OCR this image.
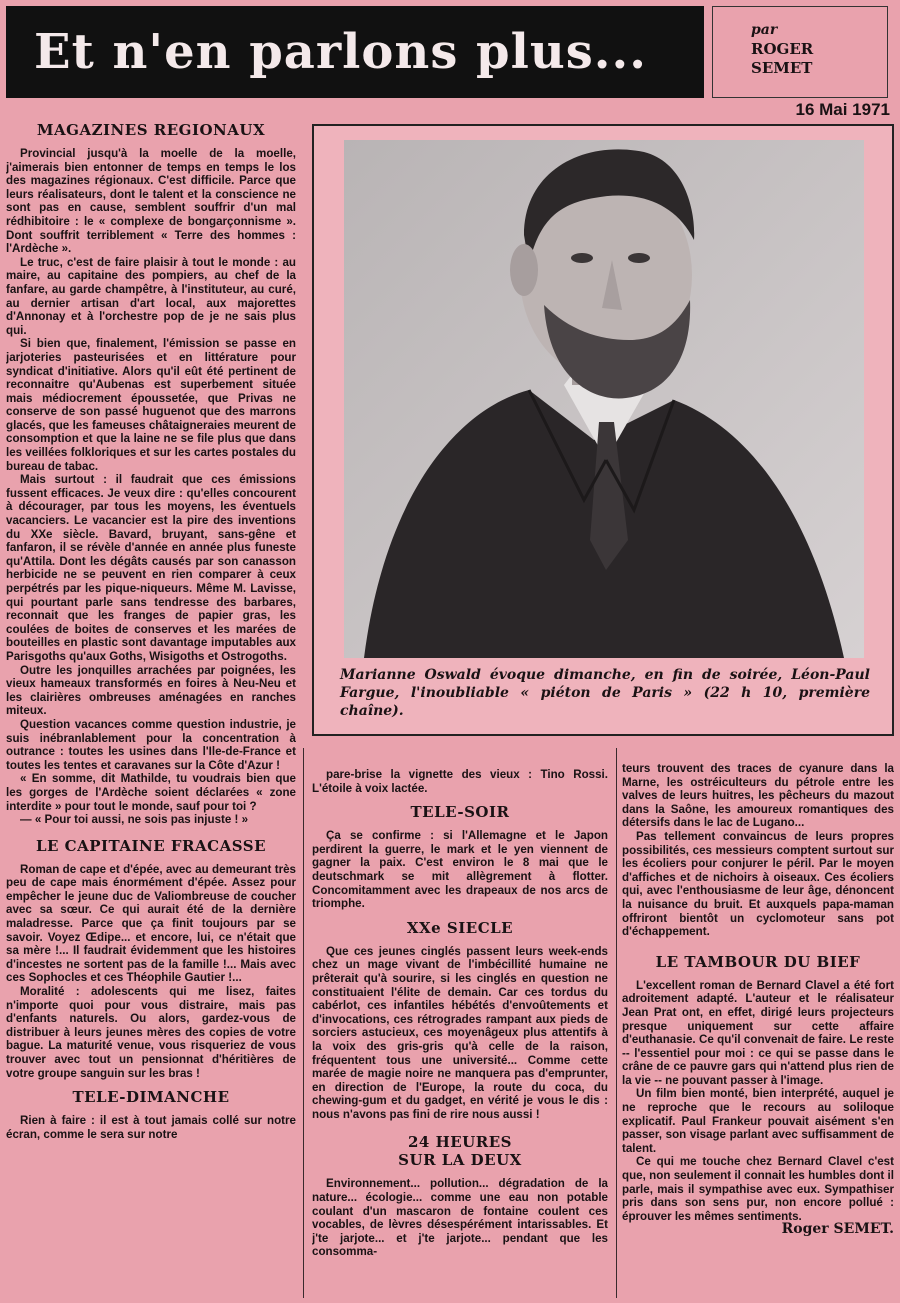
Et n'en parlons plus...	par
ROGER
SEMET
16 Mai 1971
MAGAZINES REGIONAUX

Provincial jusqu'à la moelle de la moelle, j'aimerais bien entonner de temps en temps le los des magazines régionaux. C'est difficile. Parce que leurs réalisateurs, dont le talent et la conscience ne sont pas en cause, semblent souffrir d'un mal rédhibitoire : le « complexe de bongarçonnisme ». Dont souffrit terriblement « Terre des hommes : l'Ardèche ».

Le truc, c'est de faire plaisir à tout le monde : au maire, au capitaine des pompiers, au chef de la fanfare, au garde champêtre, à l'instituteur, au curé, au dernier artisan d'art local, aux majorettes d'Annonay et à l'orchestre pop de je ne sais plus qui.

Si bien que, finalement, l'émission se passe en jarjoteries pasteurisées et en littérature pour syndicat d'initiative. Alors qu'il eût été pertinent de reconnaitre qu'Aubenas est superbement située mais médiocrement époussetée, que Privas ne conserve de son passé huguenot que des marrons glacés, que les fameuses châtaigneraies meurent de consomption et que la laine ne se file plus que dans les veillées folkloriques et sur les cartes postales du bureau de tabac.

Mais surtout : il faudrait que ces émissions fussent efficaces. Je veux dire : qu'elles concourent à décourager, par tous les moyens, les éventuels vacanciers. Le vacancier est la pire des inventions du XXe siècle. Bavard, bruyant, sans-gêne et fanfaron, il se révèle d'année en année plus funeste qu'Attila. Dont les dégâts causés par son canasson herbicide ne se peuvent en rien comparer à ceux perpétrés par les pique-niqueurs. Même M. Lavisse, qui pourtant parle sans tendresse des barbares, reconnait que les franges de papier gras, les coulées de boites de conserves et les marées de bouteilles en plastic sont davantage imputables aux Parisgoths qu'aux Goths, Wisigoths et Ostrogoths.

Outre les jonquilles arrachées par poignées, les vieux hameaux transformés en foires à Neu-Neu et les clairières ombreuses aménagées en ranches miteux.

Question vacances comme question industrie, je suis inébranlablement pour la concentration à outrance : toutes les usines dans l'Ile-de-France et toutes les tentes et caravanes sur la Côte d'Azur !

« En somme, dit Mathilde, tu voudrais bien que les gorges de l'Ardèche soient déclarées « zone interdite » pour tout le monde, sauf pour toi ?

— « Pour toi aussi, ne sois pas injuste ! »

LE CAPITAINE FRACASSE

Roman de cape et d'épée, avec au demeurant très peu de cape mais énormément d'épée. Assez pour empêcher le jeune duc de Valiombreuse de coucher avec sa sœur. Ce qui aurait été de la dernière maladresse. Parce que ça finit toujours par se savoir. Voyez Œdipe... et encore, lui, ce n'était que sa mère !... Il faudrait évidemment que les histoires d'incestes ne sortent pas de la famille !... Mais avec ces Sophocles et ces Théophile Gautier !...

Moralité : adolescents qui me lisez, faites n'importe quoi pour vous distraire, mais pas d'enfants naturels. Ou alors, gardez-vous de distribuer à leurs jeunes mères des copies de votre bague. La maturité venue, vous risqueriez de vous trouver avec tout un pensionnat d'héritières de votre groupe sanguin sur les bras !

TELE-DIMANCHE

Rien à faire : il est à tout jamais collé sur notre écran, comme le sera sur notre

Marianne Oswald évoque dimanche, en fin de soirée, Léon-Paul Fargue, l'inoubliable « piéton de Paris » (22 h 10, première chaîne).

pare-brise la vignette des vieux : Tino Rossi. L'étoile à voix lactée.

TELE-SOIR

Ça se confirme : si l'Allemagne et le Japon perdirent la guerre, le mark et le yen viennent de gagner la paix. C'est environ le 8 mai que le deutschmark se mit allègrement à flotter. Concomitamment avec les drapeaux de nos arcs de triomphe.

XXe SIECLE

Que ces jeunes cinglés passent leurs week-ends chez un mage vivant de l'imbécillité humaine ne prêterait qu'à sourire, si les cinglés en question ne constituaient l'élite de demain. Car ces tordus du cabérlot, ces infantiles hébétés d'envoûtements et d'invocations, ces rétrogrades rampant aux pieds de sorciers astucieux, ces moyenâgeux plus attentifs à la voix des gris-gris qu'à celle de la raison, fréquentent tous une université... Comme cette marée de magie noire ne manquera pas d'emprunter, en direction de l'Europe, la route du coca, du chewing-gum et du gadget, en vérité je vous le dis : nous n'avons pas fini de rire nous aussi !

24 HEURES
SUR LA DEUX

Environnement... pollution... dégradation de la nature... écologie... comme une eau non potable coulant d'un mascaron de fontaine coulent ces vocables, de lèvres désespérément intarissables. Et j'te jarjote... et j'te jarjote... pendant que les consomma-

teurs trouvent des traces de cyanure dans la Marne, les ostréiculteurs du pétrole entre les valves de leurs huitres, les pêcheurs du mazout dans la Saône, les amoureux romantiques des détersifs dans le lac de Lugano...

Pas tellement convaincus de leurs propres possibilités, ces messieurs comptent surtout sur les écoliers pour conjurer le péril. Par le moyen d'affiches et de nichoirs à oiseaux. Ces écoliers qui, avec l'enthousiasme de leur âge, dénoncent la nuisance du bruit. Et auxquels papa-maman offriront bientôt un cyclomoteur sans pot d'échappement.

LE TAMBOUR DU BIEF

L'excellent roman de Bernard Clavel a été fort adroitement adapté. L'auteur et le réalisateur Jean Prat ont, en effet, dirigé leurs projecteurs presque uniquement sur cette affaire d'euthanasie. Ce qu'il convenait de faire. Le reste -- l'essentiel pour moi : ce qui se passe dans le crâne de ce pauvre gars qui n'attend plus rien de la vie -- ne pouvant passer à l'image.

Un film bien monté, bien interprété, auquel je ne reproche que le recours au soliloque explicatif. Paul Frankeur pouvait aisément s'en passer, son visage parlant avec suffisamment de talent.

Ce qui me touche chez Bernard Clavel c'est que, non seulement il connait les humbles dont il parle, mais il sympathise avec eux. Sympathiser pris dans son sens pur, non encore pollué : éprouver les mêmes sentiments.

Roger SEMET.
